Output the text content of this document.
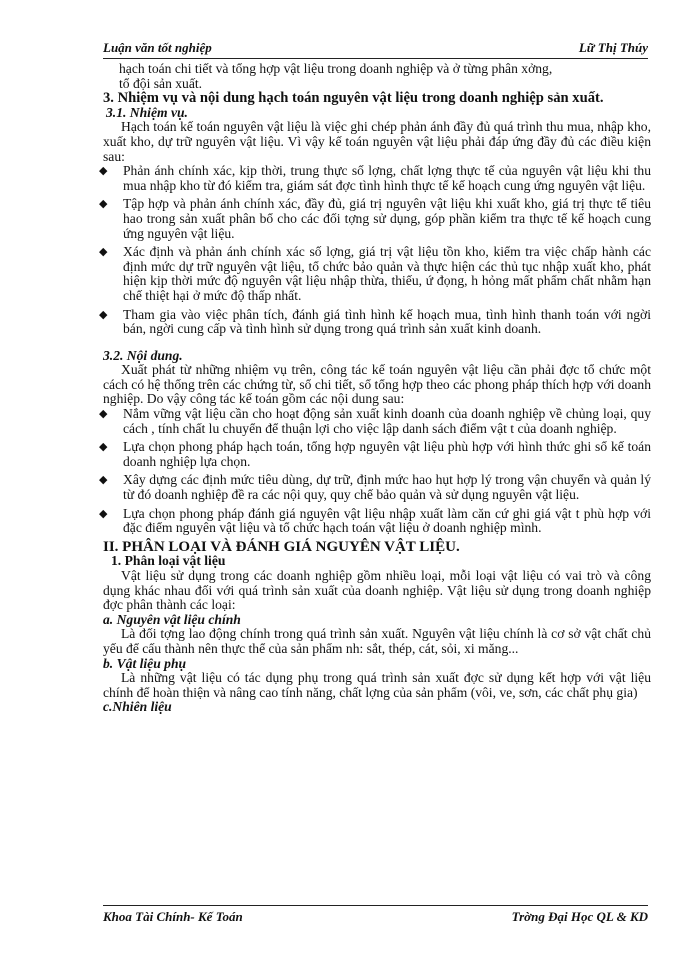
Luận văn tốt nghiệp	Lữ Thị Thúy

hạch toán chi tiết và tổng hợp vật liệu trong doanh nghiệp và ở từng phân xởng,

tổ đội sản xuất.

3. Nhiệm vụ và nội dung hạch toán nguyên vật liệu trong doanh nghiệp sản xuất.

3.1. Nhiệm vụ.

Hạch toán kế toán nguyên vật liệu là việc ghi chép phản ánh đầy đủ quá trình thu mua, nhập kho, xuất kho, dự trữ nguyên vật liệu. Vì vậy kế toán nguyên vật liệu phải đáp ứng đầy đủ các điều kiện sau:

◆ Phản ánh chính xác, kịp thời, trung thực số lợng, chất lợng thực tế của nguyên vật liệu khi thu mua nhập kho từ đó kiểm tra, giám sát đợc tình hình thực tế kế hoạch cung ứng nguyên vật liệu.
◆ Tập hợp và phản ánh chính xác, đầy đủ, giá trị nguyên vật liệu khi xuất kho, giá trị thực tế tiêu hao trong sản xuất phân bổ cho các đối tợng sử dụng, góp phần kiểm tra thực tế kế hoạch cung ứng nguyên vật liệu.
◆ Xác định và phản ánh chính xác số lợng, giá trị vật liệu tồn kho, kiểm tra việc chấp hành các định mức dự trữ nguyên vật liệu, tổ chức bảo quản và thực hiện các thủ tục nhập xuất kho, phát hiện kịp thời mức độ nguyên vật liệu nhập thừa, thiếu, ứ đọng, h hỏng mất phẩm chất nhằm hạn chế thiệt hại ở mức độ thấp nhất.
◆ Tham gia vào việc phân tích, đánh giá tình hình kế hoạch mua, tình hình thanh toán với ngời bán, ngời cung cấp và tình hình sử dụng trong quá trình sản xuất kinh doanh.

3.2. Nội dung.

Xuất phát từ những nhiệm vụ trên, công tác kế toán nguyên vật liệu cần phải đợc tổ chức một cách có hệ thống trên các chứng từ, sổ chi tiết, sổ tổng hợp theo các phong pháp thích hợp với doanh nghiệp. Do vậy công tác kế toán gồm các nội dung sau:

◆ Nắm vững vật liệu cần cho hoạt động sản xuất kinh doanh của doanh nghiệp về chủng loại, quy cách , tính chất lu chuyển để thuận lợi cho việc lập danh sách điểm vật t của doanh nghiệp.
◆ Lựa chọn phong pháp hạch toán, tổng hợp nguyên vật liệu phù hợp với hình thức ghi sổ kế toán doanh nghiệp lựa chọn.
◆ Xây dựng các định mức tiêu dùng, dự trữ, định mức hao hụt hợp lý trong vận chuyển và quản lý từ đó doanh nghiệp đề ra các nội quy, quy chế bảo quản và sử dụng nguyên vật liệu.
◆ Lựa chọn phong pháp đánh giá nguyên vật liệu nhập xuất làm căn cứ ghi giá vật t phù hợp với đặc điểm nguyên vật liệu và tổ chức hạch toán vật liệu ở doanh nghiệp mình.

II. PHÂN LOẠI VÀ ĐÁNH GIÁ NGUYÊN VẬT LIỆU.

1. Phân loại vật liệu

Vật liệu sử dụng trong các doanh nghiệp gồm nhiều loại, mỗi loại vật liệu có vai trò và công dụng khác nhau đối với quá trình sản xuất của doanh nghiệp. Vật liệu sử dụng trong doanh nghiệp đợc phân thành các loại:

a. Nguyên vật liệu chính

Là đối tợng lao động chính trong quá trình sản xuất. Nguyên vật liệu chính là cơ sở vật chất chủ yếu để cấu thành nên thực thể của sản phẩm nh: sắt, thép, cát, sỏi, xi măng...

b. Vật liệu phụ

Là những vật liệu có tác dụng phụ trong quá trình sản xuất đợc sử dụng kết hợp với vật liệu chính để hoàn thiện và nâng cao tính năng, chất lợng của sản phẩm (vôi, ve, sơn, các chất phụ gia)

c.Nhiên liệu

Khoa Tài Chính- Kế Toán	Trờng Đại Học QL & KD
